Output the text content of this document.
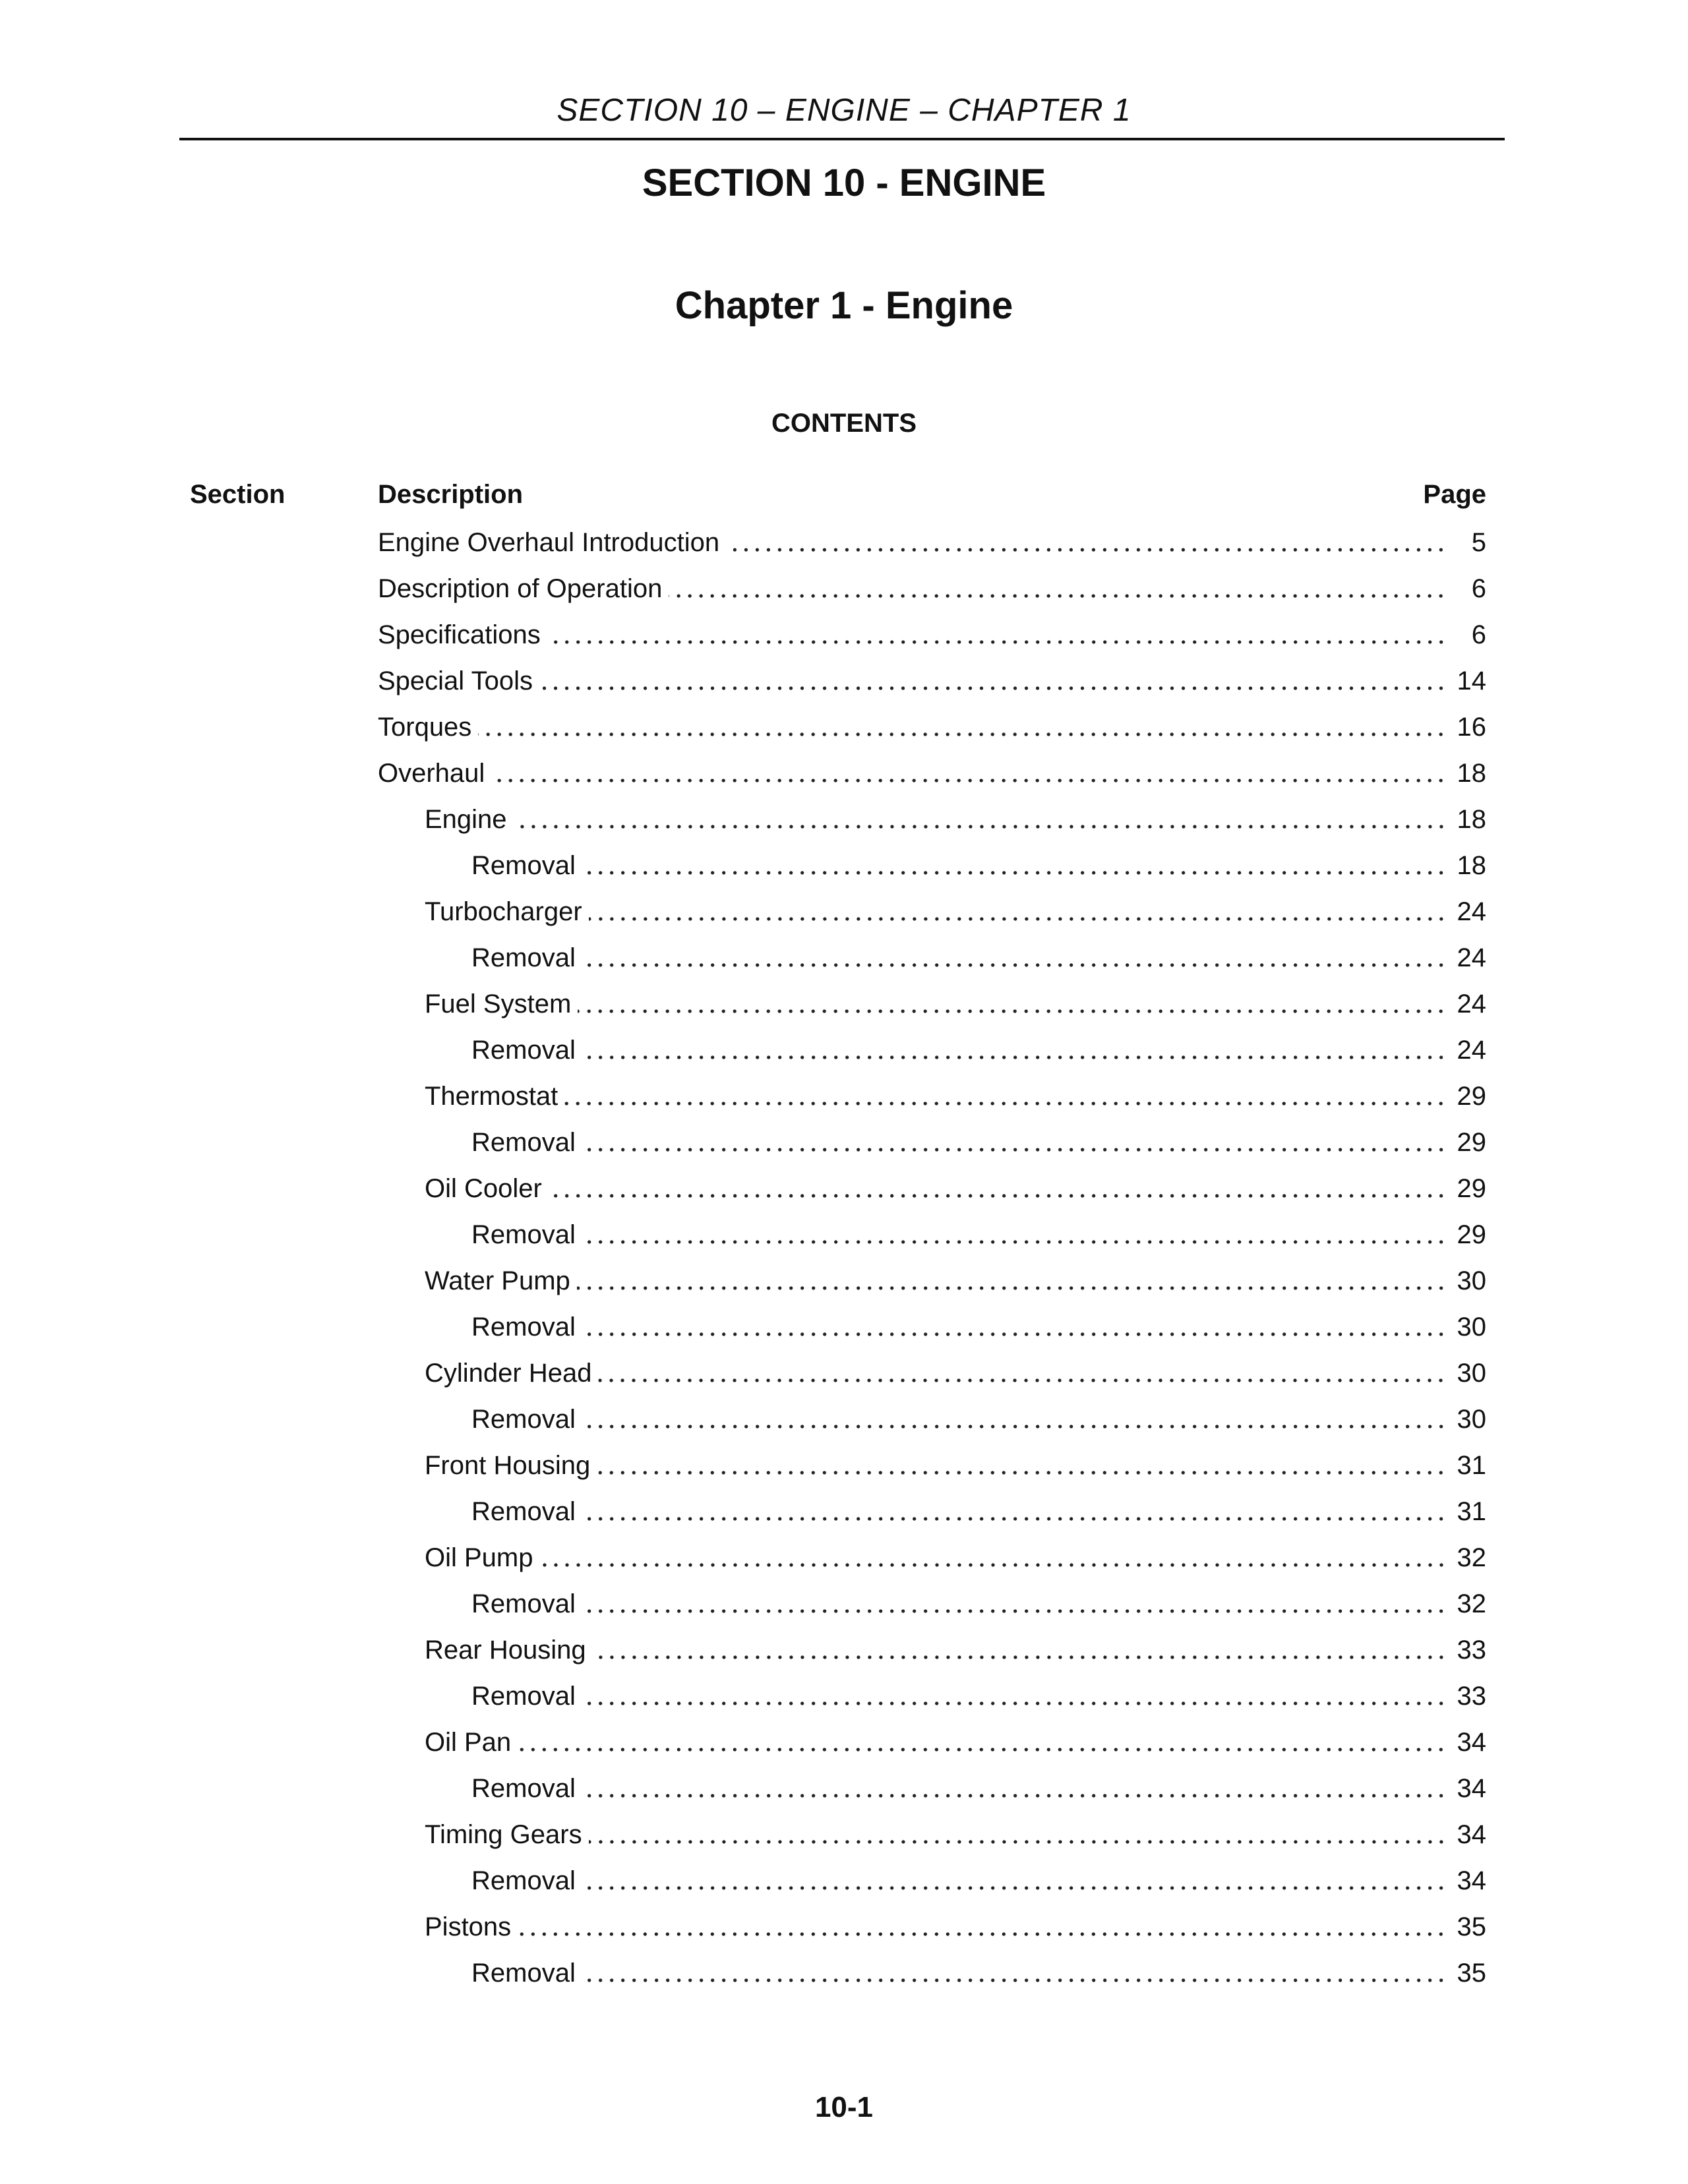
SECTION 10 – ENGINE – CHAPTER 1
SECTION 10 - ENGINE
Chapter 1 - Engine
CONTENTS
Section	Description	Page
Engine Overhaul Introduction	5
Description of Operation	6
Specifications	6
Special Tools	14
Torques	16
Overhaul	18
Engine	18
Removal	18
Turbocharger	24
Removal	24
Fuel System	24
Removal	24
Thermostat	29
Removal	29
Oil Cooler	29
Removal	29
Water Pump	30
Removal	30
Cylinder Head	30
Removal	30
Front Housing	31
Removal	31
Oil Pump	32
Removal	32
Rear Housing	33
Removal	33
Oil Pan	34
Removal	34
Timing Gears	34
Removal	34
Pistons	35
Removal	35
10-1
